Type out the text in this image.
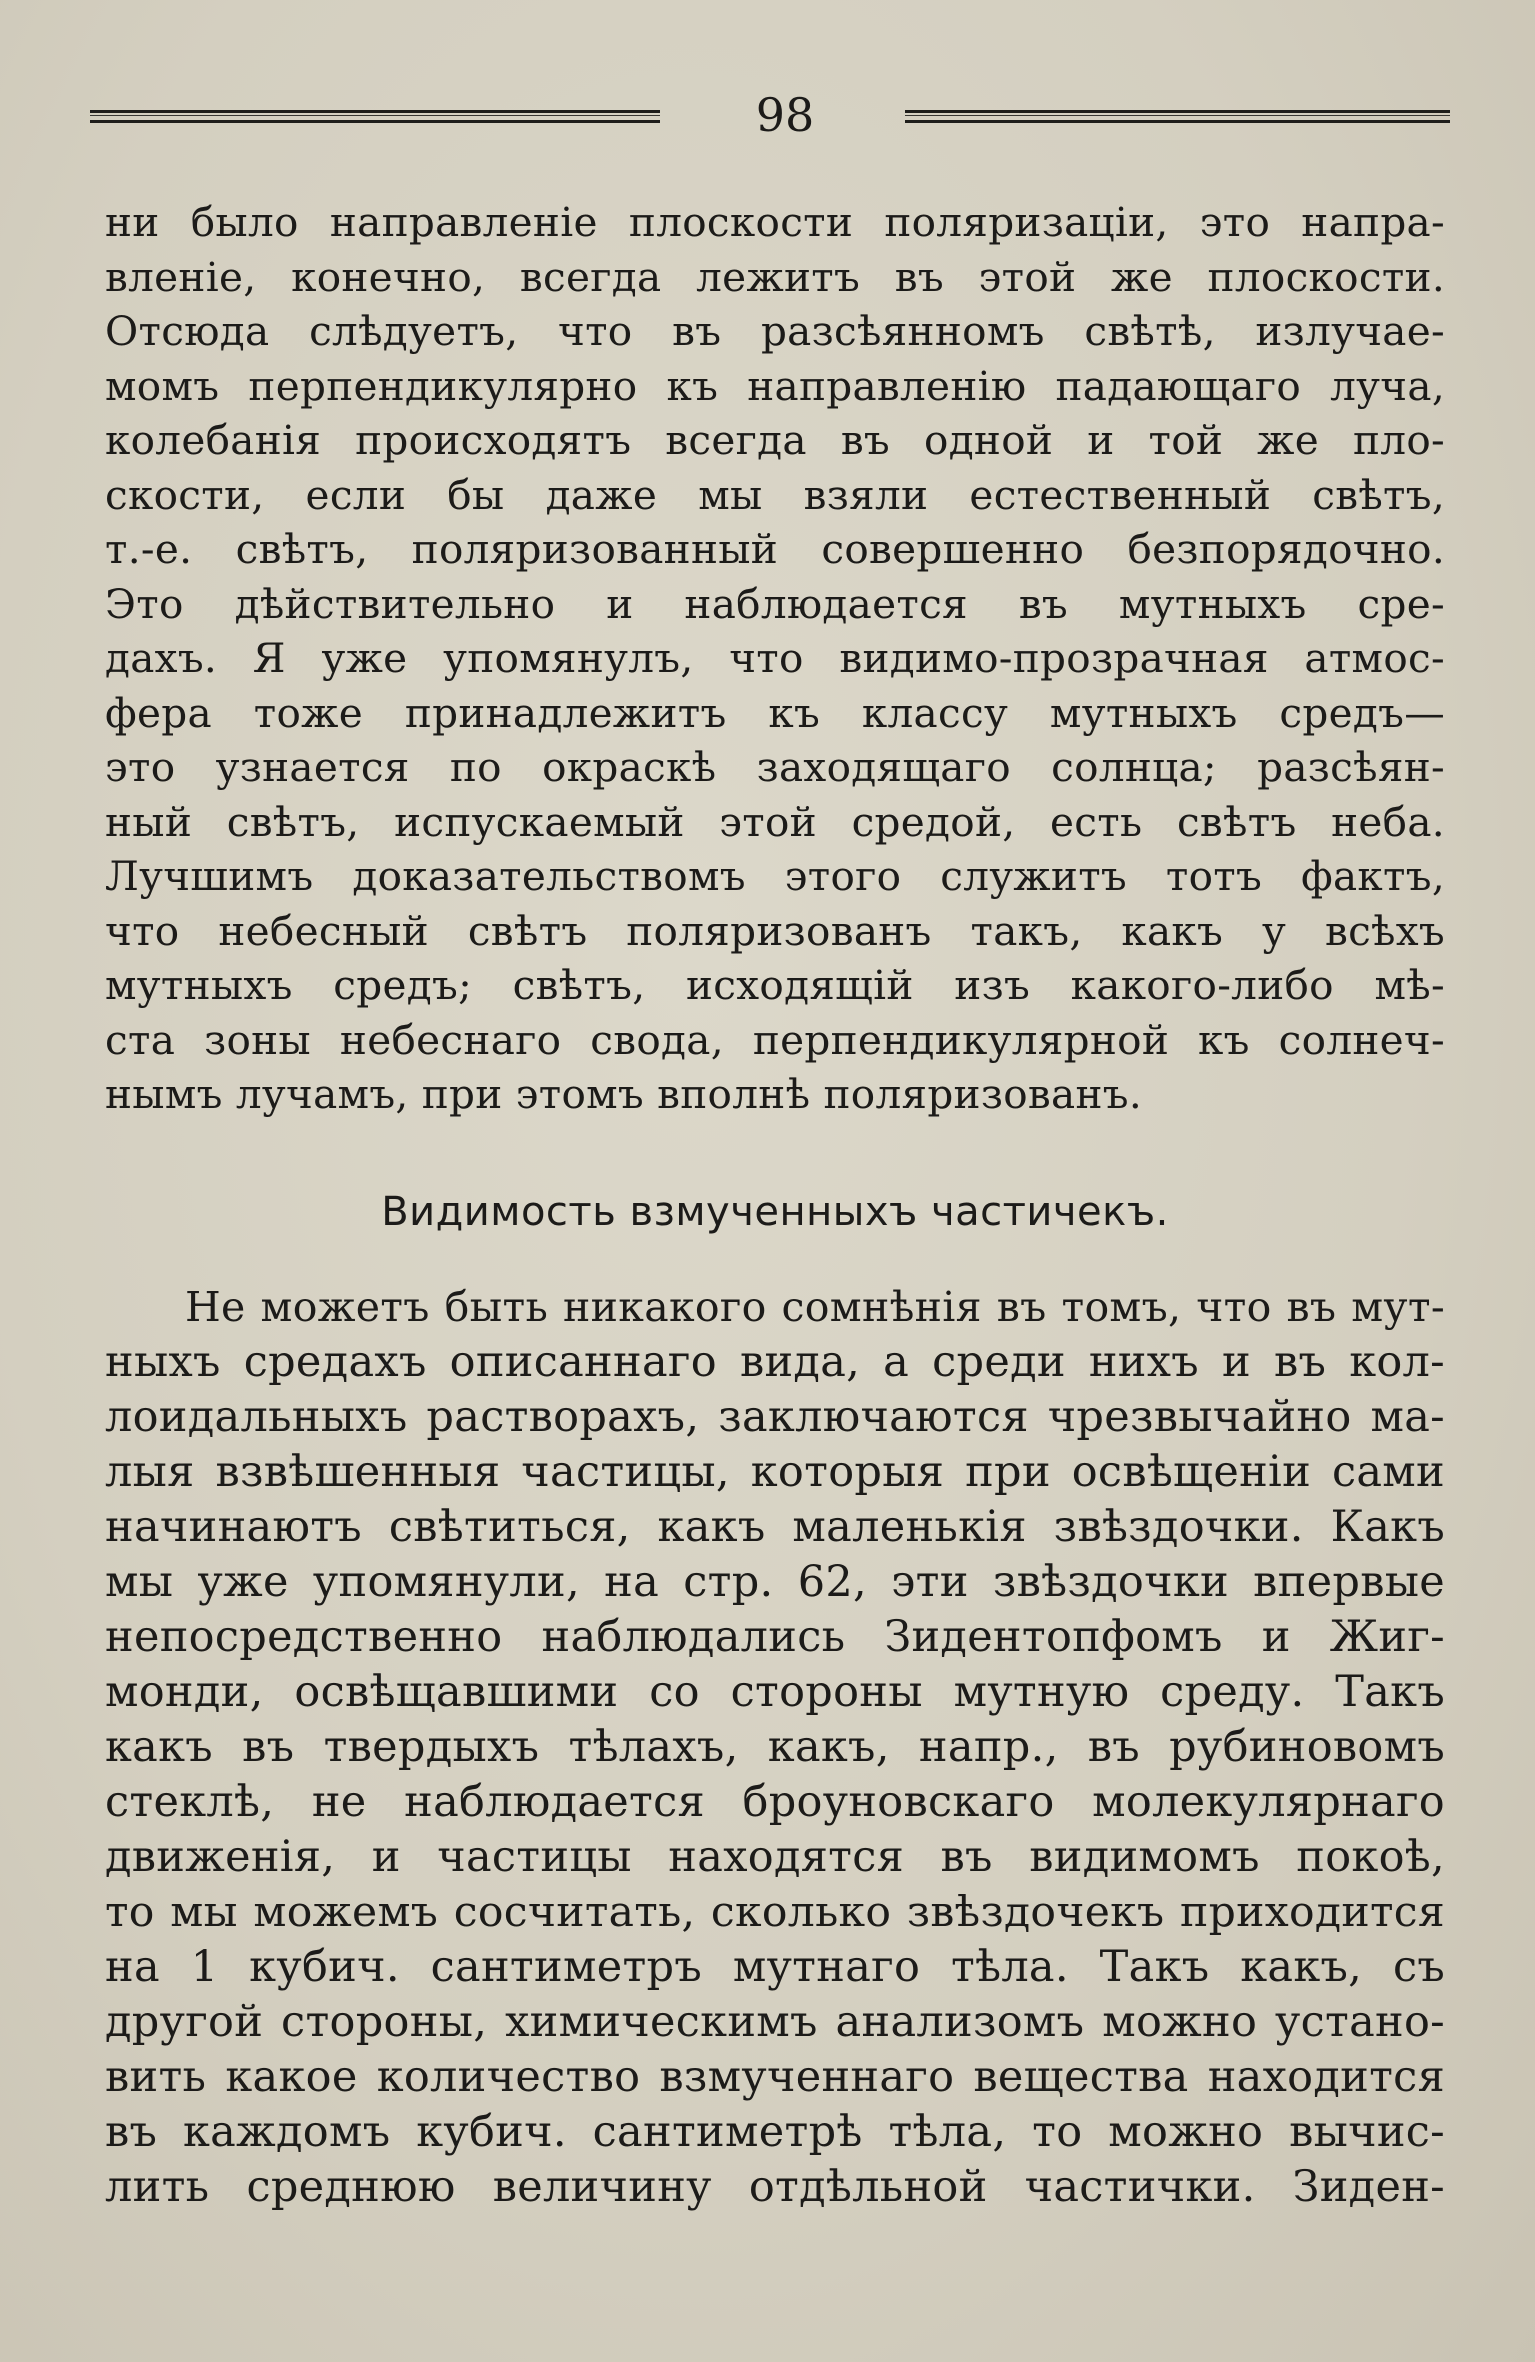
98
ни было направленіе плоскости поляризаціи, это напра-
вленіе, конечно, всегда лежитъ въ этой же плоскости.
Отсюда слѣдуетъ, что въ разсѣянномъ свѣтѣ, излучае-
момъ перпендикулярно къ направленію падающаго луча,
колебанія происходятъ всегда въ одной и той же пло-
скости, если бы даже мы взяли естественный свѣтъ,
т.-е. свѣтъ, поляризованный совершенно безпорядочно.
Это дѣйствительно и наблюдается въ мутныхъ сре-
дахъ. Я уже упомянулъ, что видимо-прозрачная атмос-
фера тоже принадлежитъ къ классу мутныхъ средъ—
это узнается по окраскѣ заходящаго солнца; разсѣян-
ный свѣтъ, испускаемый этой средой, есть свѣтъ неба.
Лучшимъ доказательствомъ этого служитъ тотъ фактъ,
что небесный свѣтъ поляризованъ такъ, какъ у всѣхъ
мутныхъ средъ; свѣтъ, исходящій изъ какого-либо мѣ-
ста зоны небеснаго свода, перпендикулярной къ солнеч-
нымъ лучамъ, при этомъ вполнѣ поляризованъ.
Видимость взмученныхъ частичекъ.
Не можетъ быть никакого сомнѣнія въ томъ, что въ мут-
ныхъ средахъ описаннаго вида, а среди нихъ и въ кол-
лоидальныхъ растворахъ, заключаются чрезвычайно ма-
лыя взвѣшенныя частицы, которыя при освѣщеніи сами
начинаютъ свѣтиться, какъ маленькія звѣздочки. Какъ
мы уже упомянули, на стр. 62, эти звѣздочки впервые
непосредственно наблюдались Зидентопфомъ и Жиг-
монди, освѣщавшими со стороны мутную среду. Такъ
какъ въ твердыхъ тѣлахъ, какъ, напр., въ рубиновомъ
стеклѣ, не наблюдается броуновскаго молекулярнаго
движенія, и частицы находятся въ видимомъ покоѣ,
то мы можемъ сосчитать, сколько звѣздочекъ приходится
на 1 кубич. сантиметръ мутнаго тѣла. Такъ какъ, съ
другой стороны, химическимъ анализомъ можно устано-
вить какое количество взмученнаго вещества находится
въ каждомъ кубич. сантиметрѣ тѣла, то можно вычис-
лить среднюю величину отдѣльной частички. Зиден-
